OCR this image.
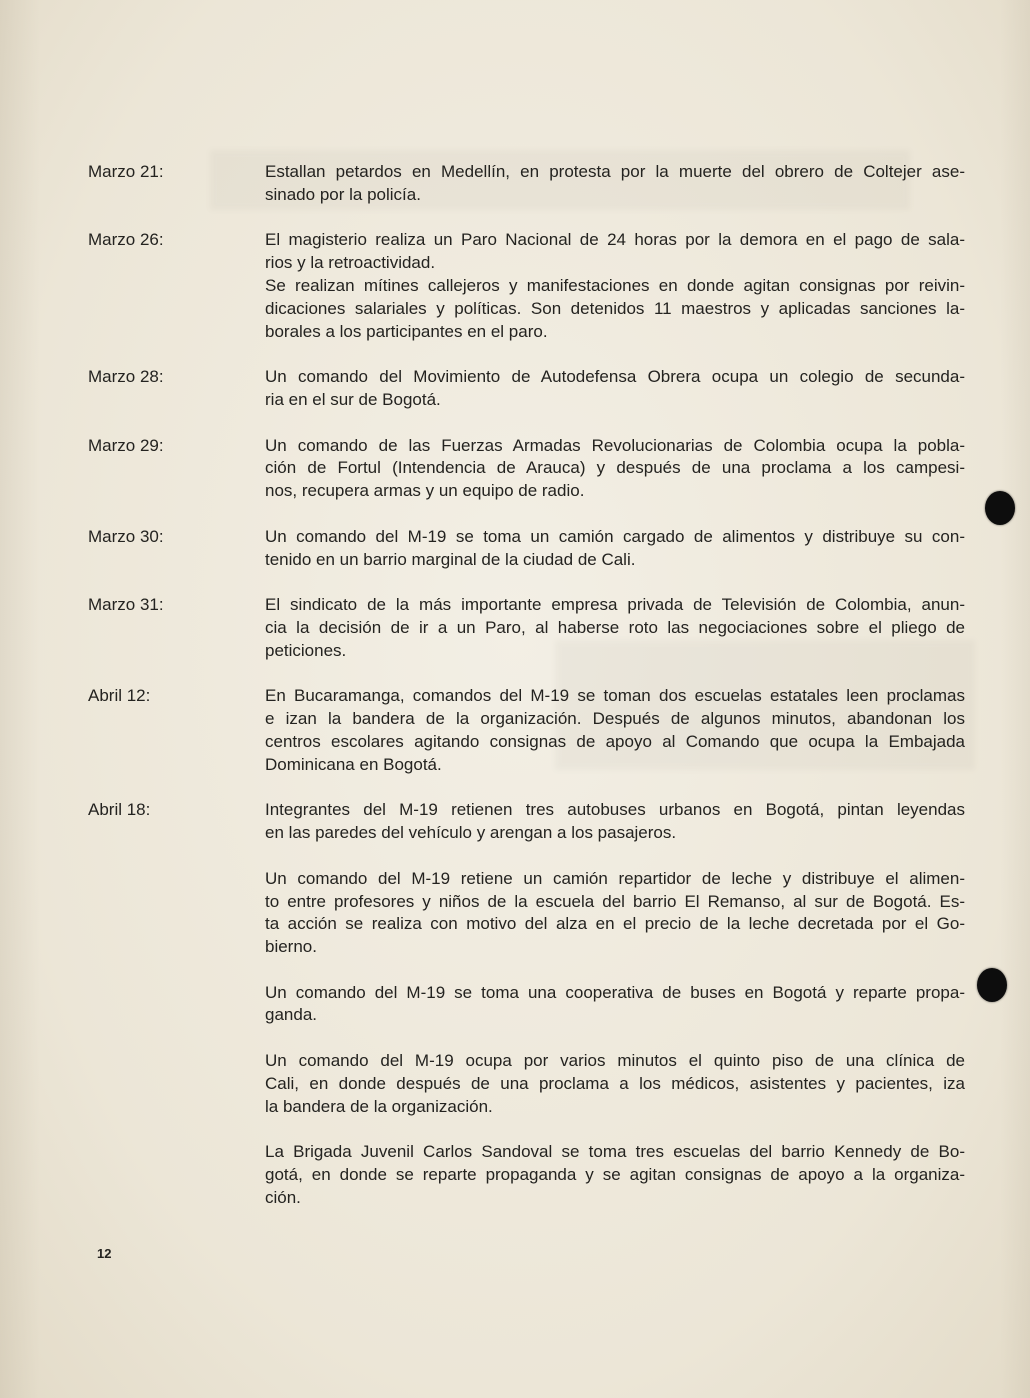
Marzo 21:	Estallan petardos en Medellín, en protesta por la muerte del obrero de Coltejer ase-
sinado por la policía.
Marzo 26:	El magisterio realiza un Paro Nacional de 24 horas por la demora en el pago de sala-
rios y la retroactividad.
Se realizan mítines callejeros y manifestaciones en donde agitan consignas por reivin-
dicaciones salariales y políticas. Son detenidos 11 maestros y aplicadas sanciones la-
borales a los participantes en el paro.
Marzo 28:	Un comando del Movimiento de Autodefensa Obrera ocupa un colegio de secunda-
ria en el sur de Bogotá.
Marzo 29:	Un comando de las Fuerzas Armadas Revolucionarias de Colombia ocupa la pobla-
ción de Fortul (Intendencia de Arauca) y después de una proclama a los campesi-
nos, recupera armas y un equipo de radio.
Marzo 30:	Un comando del M-19 se toma un camión cargado de alimentos y distribuye su con-
tenido en un barrio marginal de la ciudad de Cali.
Marzo 31:	El sindicato de la más importante empresa privada de Televisión de Colombia, anun-
cia la decisión de ir a un Paro, al haberse roto las negociaciones sobre el pliego de
peticiones.
Abril 12:	En Bucaramanga, comandos del M-19 se toman dos escuelas estatales leen proclamas
e izan la bandera de la organización. Después de algunos minutos, abandonan los
centros escolares agitando consignas de apoyo al Comando que ocupa la Embajada
Dominicana en Bogotá.
Abril 18:	Integrantes del M-19 retienen tres autobuses urbanos en Bogotá, pintan leyendas
en las paredes del vehículo y arengan a los pasajeros.
Un comando del M-19 retiene un camión repartidor de leche y distribuye el alimen-
to entre profesores y niños de la escuela del barrio El Remanso, al sur de Bogotá. Es-
ta acción se realiza con motivo del alza en el precio de la leche decretada por el Go-
bierno.
Un comando del M-19 se toma una cooperativa de buses en Bogotá y reparte propa-
ganda.
Un comando del M-19 ocupa por varios minutos el quinto piso de una clínica de
Cali, en donde después de una proclama a los médicos, asistentes y pacientes, iza
la bandera de la organización.
La Brigada Juvenil Carlos Sandoval se toma tres escuelas del barrio Kennedy de Bo-
gotá, en donde se reparte propaganda y se agitan consignas de apoyo a la organiza-
ción.
12
